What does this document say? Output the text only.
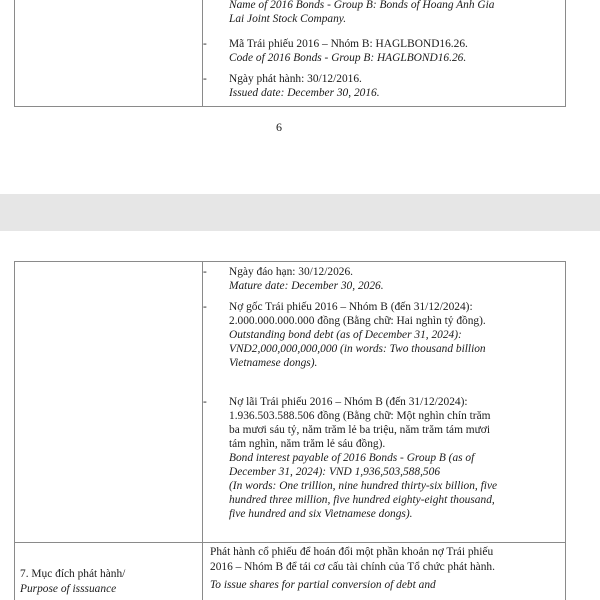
Name of 2016 Bonds - Group B: Bonds of Hoang Anh Gia
Lai Joint Stock Company.
- Mã Trái phiếu 2016 – Nhóm B: HAGLBOND16.26.
Code of 2016 Bonds - Group B: HAGLBOND16.26.
- Ngày phát hành: 30/12/2016.
Issued date: December 30, 2016.
6
- Ngày đáo hạn: 30/12/2026.
Mature date: December 30, 2026.
- Nợ gốc Trái phiếu 2016 – Nhóm B (đến 31/12/2024):
2.000.000.000.000 đồng (Bằng chữ: Hai nghìn tỷ đồng).
Outstanding bond debt (as of December 31, 2024):
VND2,000,000,000,000 (in words: Two thousand billion
Vietnamese dongs).
- Nợ lãi Trái phiếu 2016 – Nhóm B (đến 31/12/2024):
1.936.503.588.506 đồng (Bằng chữ: Một nghìn chín trăm
ba mươi sáu tỷ, năm trăm lẻ ba triệu, năm trăm tám mươi
tám nghìn, năm trăm lẻ sáu đồng).
Bond interest payable of 2016 Bonds - Group B (as of
December 31, 2024): VND 1,936,503,588,506
(In words: One trillion, nine hundred thirty-six billion, five
hundred three million, five hundred eighty-eight thousand,
five hundred and six Vietnamese dongs).
7. Mục đích phát hành/
Purpose of isssuance
Phát hành cổ phiếu để hoán đổi một phần khoản nợ Trái phiếu
2016 – Nhóm B để tái cơ cấu tài chính của Tổ chức phát hành.
To issue shares for partial conversion of debt and
